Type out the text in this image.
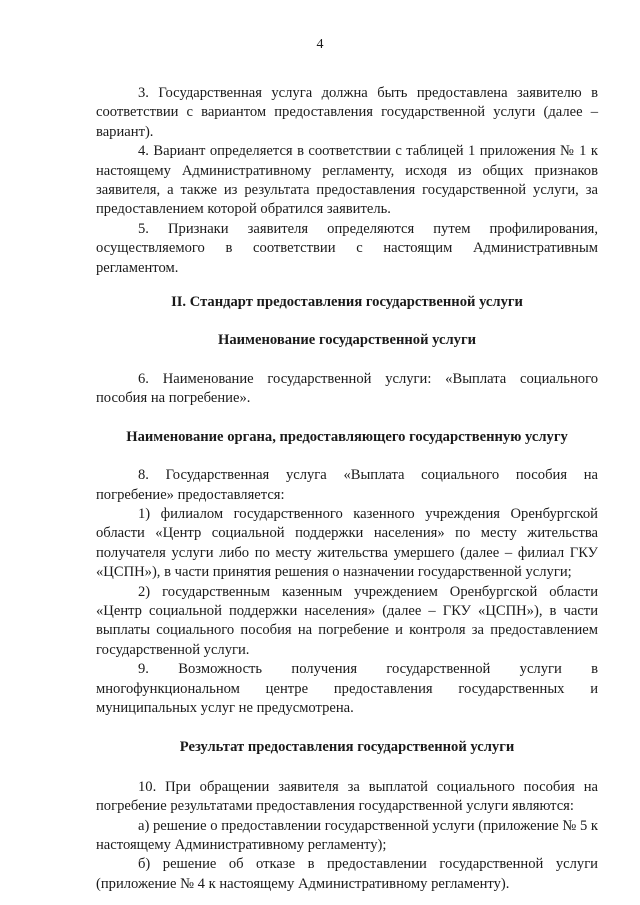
4

3. Государственная услуга должна быть предоставлена заявителю в соответствии с вариантом предоставления государственной услуги (далее – вариант).

4. Вариант определяется в соответствии с таблицей 1 приложения № 1 к настоящему Административному регламенту, исходя из общих признаков заявителя, а также из результата предоставления государственной услуги, за предоставлением которой обратился заявитель.

5. Признаки заявителя определяются путем профилирования, осуществляемого в соответствии с настоящим Административным регламентом.

II. Стандарт предоставления государственной услуги
Наименование государственной услуги

6. Наименование государственной услуги: «Выплата социального пособия на погребение».

Наименование органа, предоставляющего государственную услугу

8. Государственная услуга «Выплата социального пособия на погребение» предоставляется:

1) филиалом государственного казенного учреждения Оренбургской области «Центр социальной поддержки населения» по месту жительства получателя услуги либо по месту жительства умершего (далее – филиал ГКУ «ЦСПН»), в части принятия решения о назначении государственной услуги;

2) государственным казенным учреждением Оренбургской области «Центр социальной поддержки населения» (далее – ГКУ «ЦСПН»), в части выплаты социального пособия на погребение и контроля за предоставлением государственной услуги.

9. Возможность получения государственной услуги в многофункциональном центре предоставления государственных и муниципальных услуг не предусмотрена.

Результат предоставления государственной услуги

10. При обращении заявителя за выплатой социального пособия на погребение результатами предоставления государственной услуги являются:

а) решение о предоставлении государственной услуги (приложение № 5 к настоящему Административному регламенту);

б) решение об отказе в предоставлении государственной услуги (приложение № 4 к настоящему Административному регламенту).
